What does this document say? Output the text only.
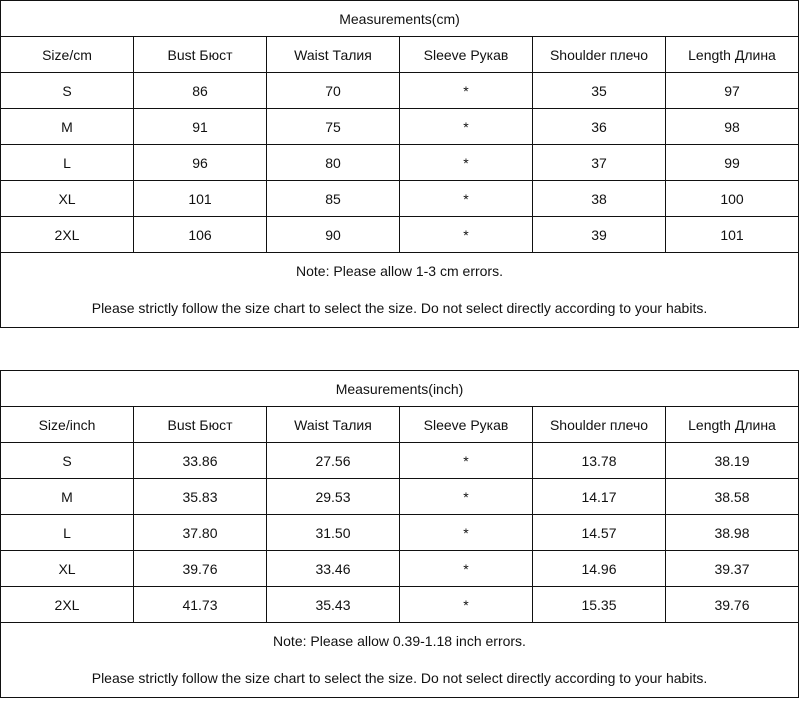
Measurements(cm)					
Size/cm	Bust Бюст	Waist Талия	Sleeve Рукав	Shoulder плечо	Length Длина
S	86	70	*	35	97
M	91	75	*	36	98
L	96	80	*	37	99
XL	101	85	*	38	100
2XL	106	90	*	39	101

Note: Please allow 1-3 cm errors.
Please strictly follow the size chart to select the size. Do not select directly according to your habits.					
Measurements(inch)					
Size/inch	Bust Бюст	Waist Талия	Sleeve Рукав	Shoulder плечо	Length Длина
S	33.86	27.56	*	13.78	38.19
M	35.83	29.53	*	14.17	38.58
L	37.80	31.50	*	14.57	38.98
XL	39.76	33.46	*	14.96	39.37
2XL	41.73	35.43	*	15.35	39.76

Note: Please allow 0.39-1.18 inch errors.
Please strictly follow the size chart to select the size. Do not select directly according to your habits.					
